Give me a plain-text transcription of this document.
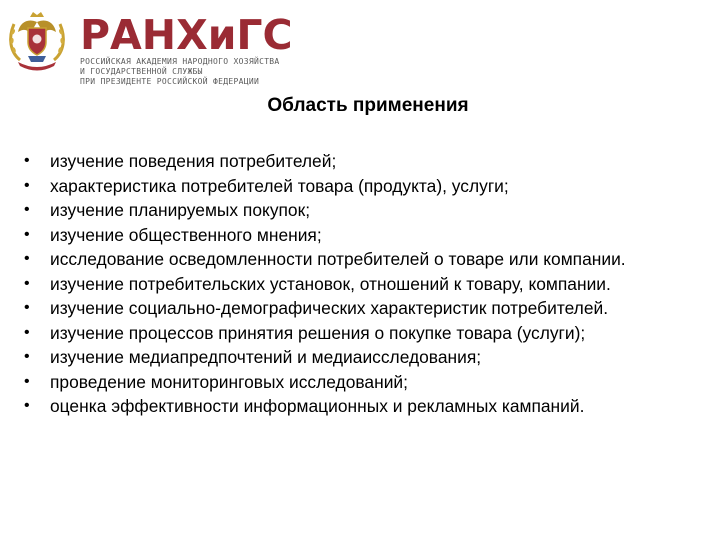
РАНХиГС
РОССИЙСКАЯ АКАДЕМИЯ НАРОДНОГО ХОЗЯЙСТВА
И ГОСУДАРСТВЕННОЙ СЛУЖБЫ
ПРИ ПРЕЗИДЕНТЕ РОССИЙСКОЙ ФЕДЕРАЦИИ
Область применения
• изучение поведения потребителей;
• характеристика потребителей товара (продукта), услуги;
• изучение планируемых покупок;
• изучение общественного мнения;
• исследование осведомленности потребителей о товаре или компании.
• изучение потребительских установок, отношений к товару, компании.
• изучение социально-демографических характеристик потребителей.
• изучение процессов принятия решения о покупке товара (услуги);
• изучение медиапредпочтений и медиаисследования;
• проведение мониторинговых исследований;
• оценка эффективности информационных и рекламных кампаний.
